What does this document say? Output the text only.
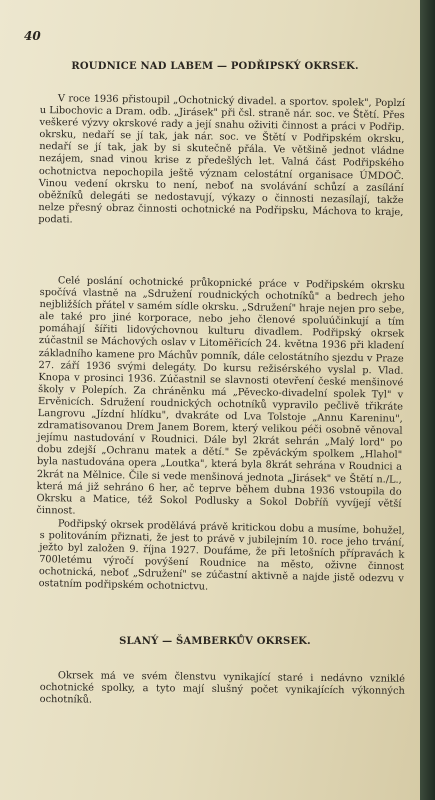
40
ROUDNICE NAD LABEM — PODŘIPSKÝ OKRSEK.

V roce 1936 přistoupil „Ochotnický divadel. a sportov. spolek", Poplzí u Libochovic a Dram. odb. „Jirásek" při čsl. straně nár. soc. ve Štětí. Přes veškeré výzvy okrskové rady a její snahu oživiti činnost a práci v Podřip. okrsku, nedaří se jí tak, jak nár. soc. ve Štětí v Podřipském okrsku, nedaří se jí tak, jak by si skutečně přála. Ve většině jednot vládne nezájem, snad vinou krise z předešlých let. Valná část Podřipského ochotnictva nepochopila ještě význam celostátní organisace ÚMDOČ. Vinou vedení okrsku to není, neboť na svolávání schůzí a zasílání oběžníků delegáti se nedostavují, výkazy o činnosti nezasílají, takže nelze přesný obraz činnosti ochotnické na Podřipsku, Máchova to kraje, podati.

Celé poslání ochotnické průkopnické práce v Podřipském okrsku spočívá vlastně na „Sdružení roudnických ochotníků" a bedrech jeho nejbližších přátel v samém sídle okrsku. „Sdružení" hraje nejen pro sebe, ale také pro jiné korporace, nebo jeho členové spoluúčinkují a tím pomáhají šířiti lidovýchovnou kulturu divadlem. Podřipský okrsek zúčastnil se Máchových oslav v Litoměřicích 24. května 1936 při kladení základního kamene pro Máchův pomník, dále celostátního sjezdu v Praze 27. září 1936 svými delegáty. Do kursu režisérského vyslal p. Vlad. Knopa v prosinci 1936. Zúčastnil se slavnosti otevření české menšinové školy v Polepích. Za chráněnku má „Pěvecko-divadelní spolek Tyl" v Ervěnicích. Sdružení roudnických ochotníků vypravilo pečlivě třikráte Langrovu „Jízdní hlídku", dvakráte od Lva Tolstoje „Annu Kareninu", zdramatisovanou Drem Janem Borem, který velikou péči osobně věnoval jejímu nastudování v Roudnici. Dále byl 2krát sehrán „Malý lord" po dobu zdejší „Ochranu matek a dětí." Se zpěváckým spolkem „Hlahol" byla nastudována opera „Loutka", která byla 8krát sehrána v Roudnici a 2krát na Mělnice. Čile si vede menšinová jednota „Jirásek" ve Štětí n./L., která má již sehráno 6 her, ač teprve během dubna 1936 vstoupila do Okrsku a Matice, též Sokol Podlusky a Sokol Dobříň vyvíjejí větší činnost.

Podřipský okrsek prodělává právě kritickou dobu a musíme, bohužel, s politováním přiznati, že jest to právě v jubilejním 10. roce jeho trvání, ježto byl založen 9. října 1927. Doufáme, že při letošních přípravách k 700letému výročí povýšení Roudnice na město, oživne činnost ochotnická, neboť „Sdružení" se zúčastní aktivně a najde jistě odezvu v ostatním podřipském ochotnictvu.

SLANÝ — ŠAMBERKŮV OKRSEK.

Okrsek má ve svém členstvu vynikající staré i nedávno vzniklé ochotnické spolky, a tyto mají slušný počet vynikajících výkonných ochotníků.
